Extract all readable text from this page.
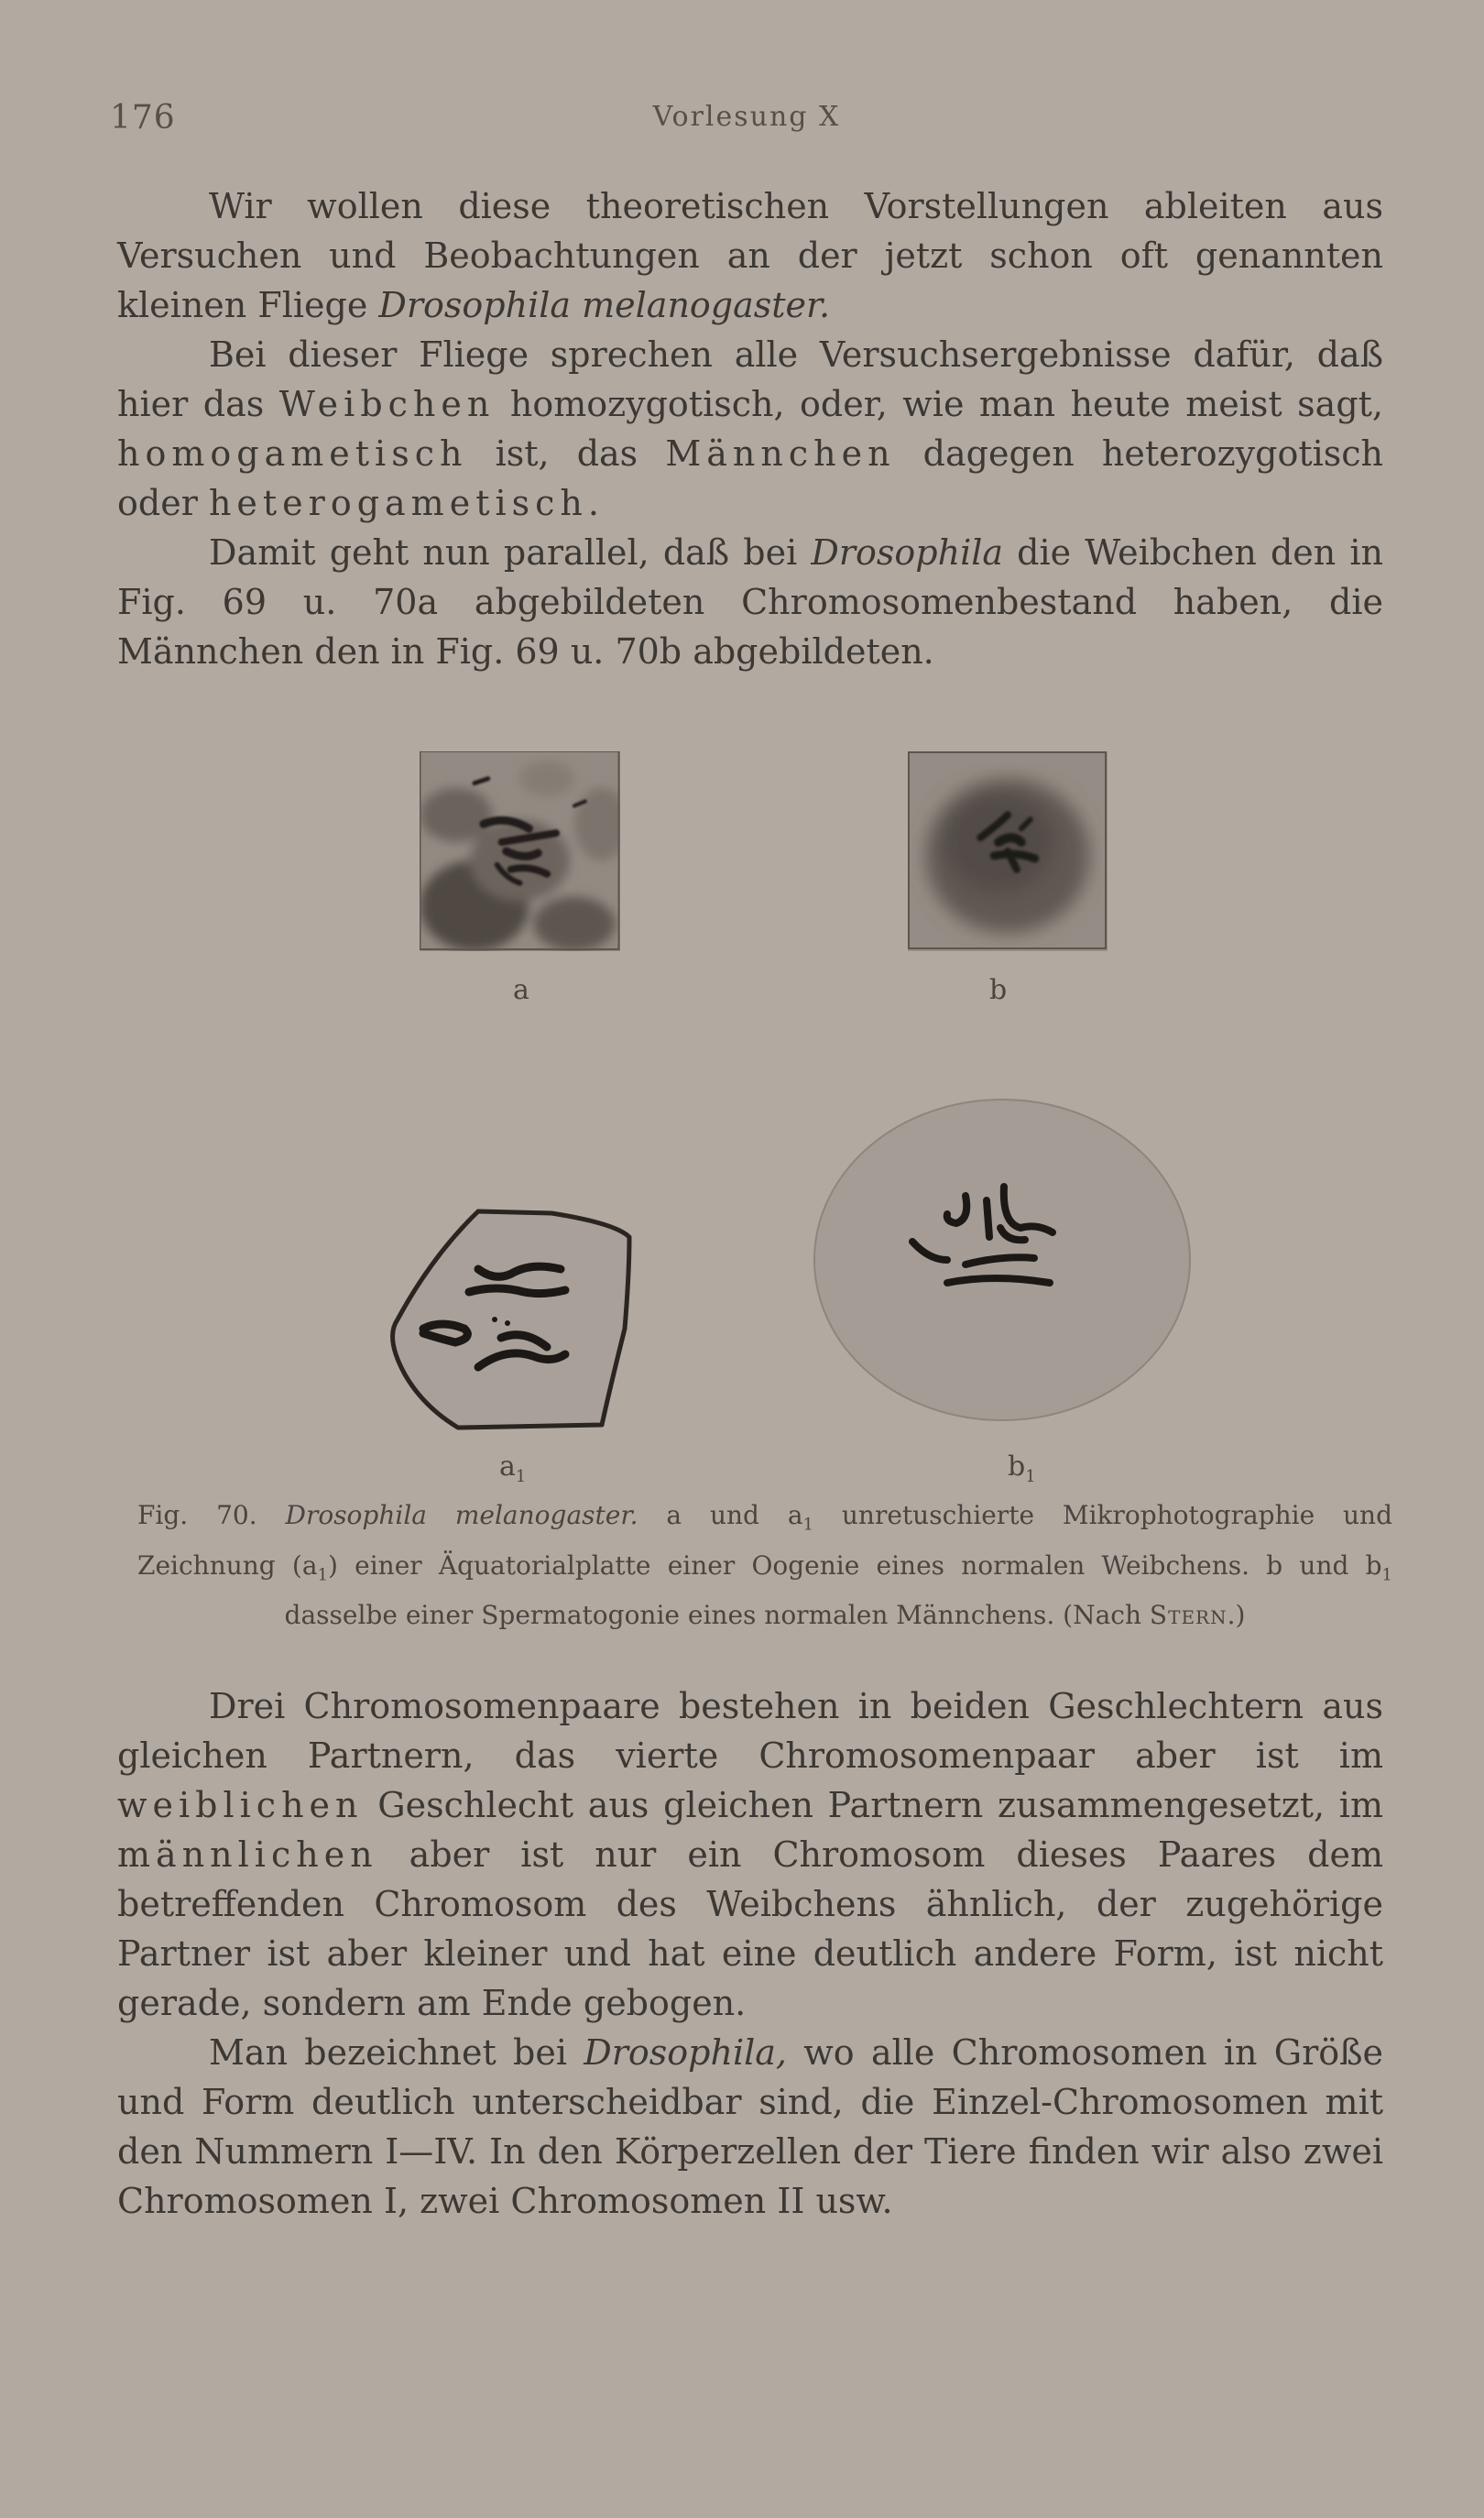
176	Vorlesung X

Wir wollen diese theoretischen Vorstellungen ableiten aus Versuchen und Beobachtungen an der jetzt schon oft genannten kleinen Fliege Drosophila melanogaster.

Bei dieser Fliege sprechen alle Versuchsergebnisse dafür, daß hier das Weibchen homozygotisch, oder, wie man heute meist sagt, homogametisch ist, das Männchen dagegen heterozygotisch oder heterogametisch.

Damit geht nun parallel, daß bei Drosophila die Weibchen den in Fig. 69 u. 70a abgebildeten Chromosomenbestand haben, die Männchen den in Fig. 69 u. 70b abgebildeten.

a	b
$a_1$	$b_1$
Fig. 70. Drosophila melanogaster. a und $a_1$ unretuschierte Mikrophotographie und
Zeichnung $(a_1)$ einer Äquatorialplatte einer Oogenie eines normalen Weibchens. b und $b_1$
dasselbe einer Spermatogonie eines normalen Männchens. (Nach Stern.)

Drei Chromosomenpaare bestehen in beiden Geschlechtern aus gleichen Partnern, das vierte Chromosomenpaar aber ist im weiblichen Geschlecht aus gleichen Partnern zusammengesetzt, im männlichen aber ist nur ein Chromosom dieses Paares dem betreffenden Chromosom des Weibchens ähnlich, der zugehörige Partner ist aber kleiner und hat eine deutlich andere Form, ist nicht gerade, sondern am Ende gebogen.

Man bezeichnet bei Drosophila, wo alle Chromosomen in Größe und Form deutlich unterscheidbar sind, die Einzel-Chromosomen mit den Nummern I—IV. In den Körperzellen der Tiere finden wir also zwei Chromosomen I, zwei Chromosomen II usw.
